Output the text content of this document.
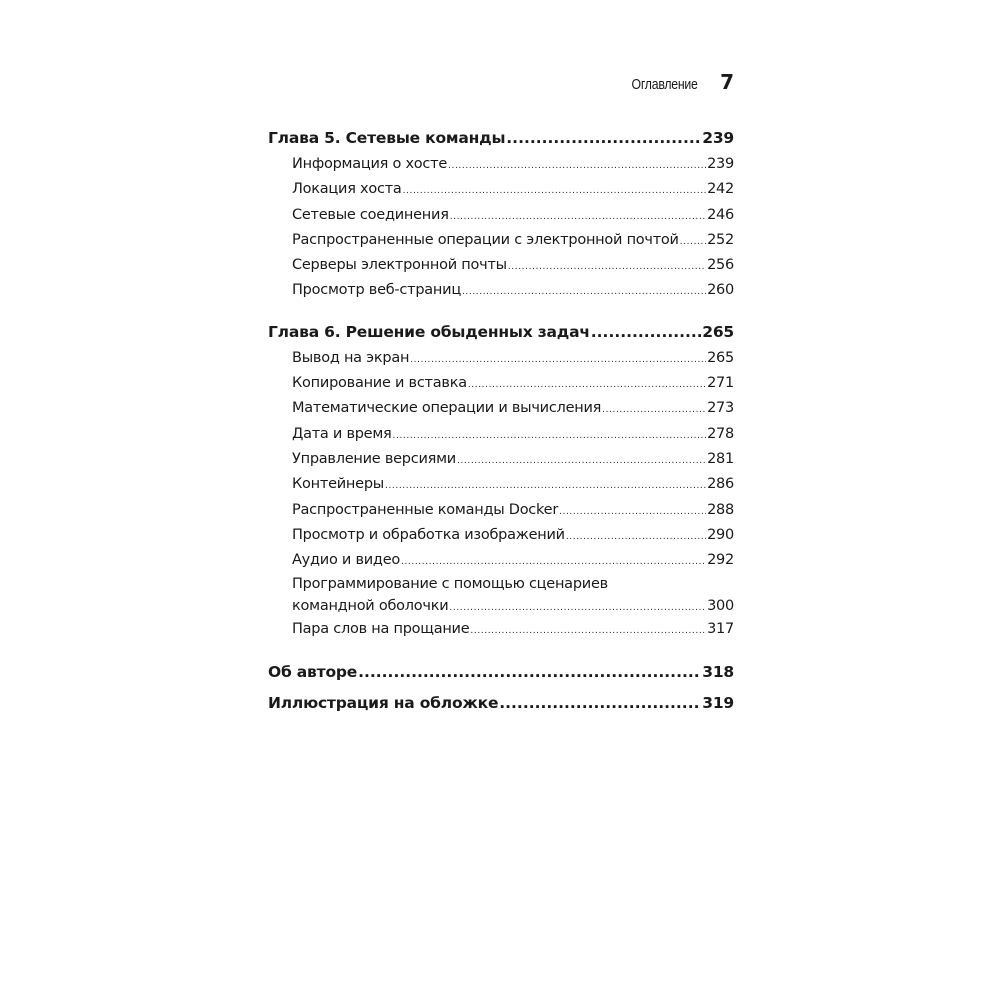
Оглавление 7
Глава 5. Сетевые команды .....	239
Информация о хосте .....	239
Локация хоста .....	242
Сетевые соединения .....	246
Распространенные операции с электронной почтой ..... 252
Серверы электронной почты .....	256
Просмотр веб-страниц .....	260
Глава 6. Решение обыденных задач .....	265
Вывод на экран .....	265
Копирование и вставка .....	271
Математические операции и вычисления .....	273
Дата и время .....	278
Управление версиями .....	281
Контейнеры .....	286
Распространенные команды Docker .....	288
Просмотр и обработка изображений .....	290
Аудио и видео .....	292
Программирование с помощью сценариев
командной оболочки .....	300
Пара слов на прощание .....	317
Об авторе .....	318
Иллюстрация на обложке .....	319
